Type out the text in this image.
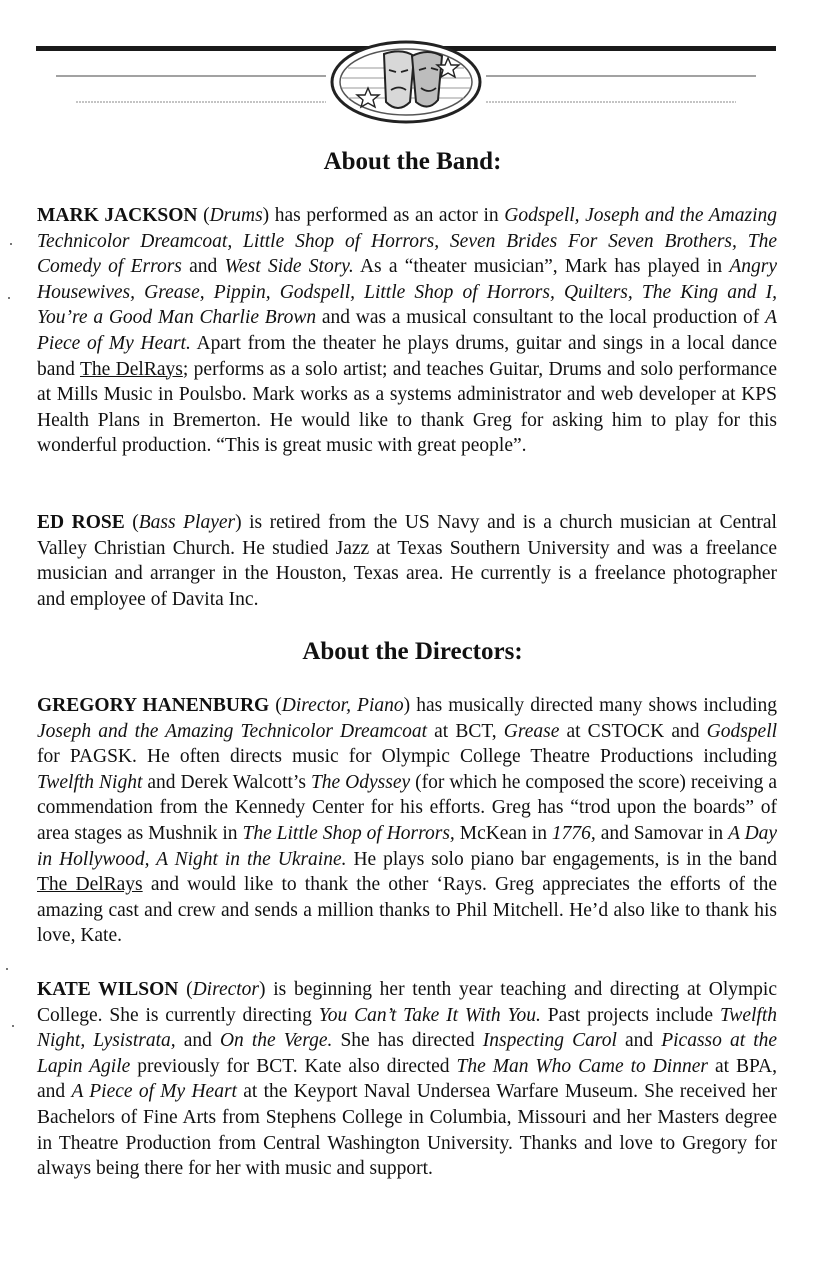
About the Band:

MARK JACKSON (Drums) has performed as an actor in Godspell, Joseph and the Amazing Technicolor Dreamcoat, Little Shop of Horrors, Seven Brides For Seven Brothers, The Comedy of Errors and West Side Story. As a “theater musician”, Mark has played in Angry Housewives, Grease, Pippin, Godspell, Little Shop of Horrors, Quilters, The King and I, You’re a Good Man Charlie Brown and was a musical consultant to the local production of A Piece of My Heart. Apart from the theater he plays drums, guitar and sings in a local dance band The DelRays; performs as a solo artist; and teaches Guitar, Drums and solo performance at Mills Music in Poulsbo. Mark works as a systems administrator and web developer at KPS Health Plans in Bremerton. He would like to thank Greg for asking him to play for this wonderful production. “This is great music with great people”.

ED ROSE (Bass Player) is retired from the US Navy and is a church musician at Central Valley Christian Church. He studied Jazz at Texas Southern University and was a freelance musician and arranger in the Houston, Texas area. He currently is a freelance photographer and employee of Davita Inc.

About the Directors:

GREGORY HANENBURG (Director, Piano) has musically directed many shows including Joseph and the Amazing Technicolor Dreamcoat at BCT, Grease at CSTOCK and Godspell for PAGSK. He often directs music for Olympic College Theatre Productions including Twelfth Night and Derek Walcott’s The Odyssey (for which he composed the score) receiving a commendation from the Kennedy Center for his efforts. Greg has “trod upon the boards” of area stages as Mushnik in The Little Shop of Horrors, McKean in 1776, and Samovar in A Day in Hollywood, A Night in the Ukraine. He plays solo piano bar engagements, is in the band The DelRays and would like to thank the other ‘Rays. Greg appreciates the efforts of the amazing cast and crew and sends a million thanks to Phil Mitchell. He’d also like to thank his love, Kate.

KATE WILSON (Director) is beginning her tenth year teaching and directing at Olympic College. She is currently directing You Can’t Take It With You. Past projects include Twelfth Night, Lysistrata, and On the Verge. She has directed Inspecting Carol and Picasso at the Lapin Agile previously for BCT. Kate also directed The Man Who Came to Dinner at BPA, and A Piece of My Heart at the Keyport Naval Undersea Warfare Museum. She received her Bachelors of Fine Arts from Stephens College in Columbia, Missouri and her Masters degree in Theatre Production from Central Washington University. Thanks and love to Gregory for always being there for her with music and support.
